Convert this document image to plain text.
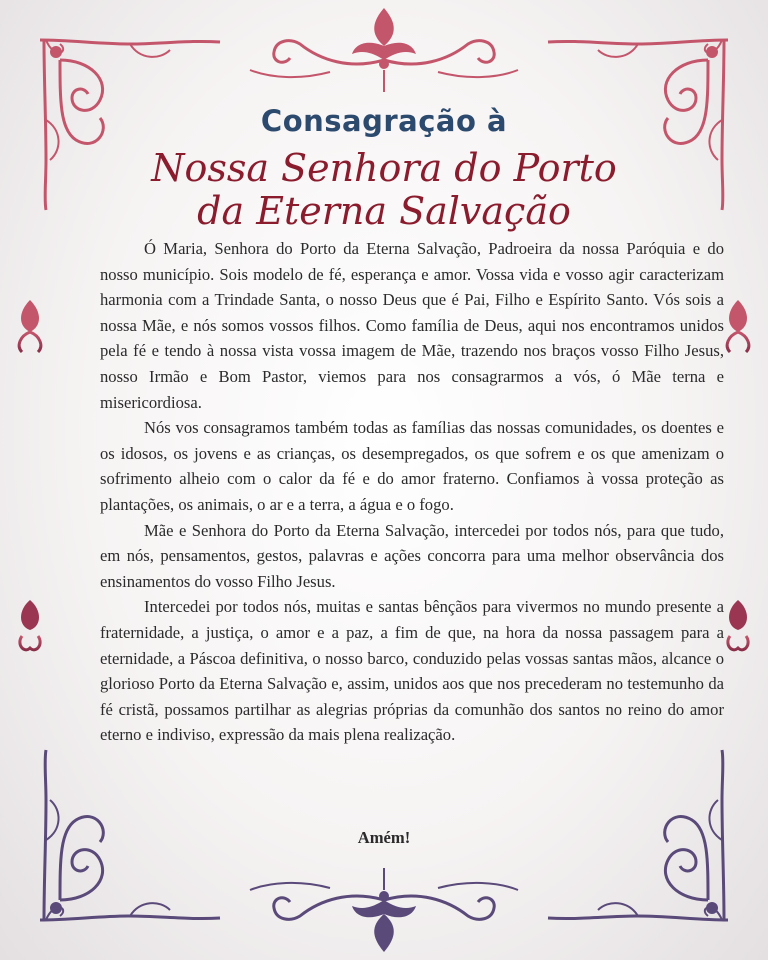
Consagração à
Nossa Senhora do Porto
da Eterna Salvação

Ó Maria, Senhora do Porto da Eterna Salvação, Padroeira da nossa Paróquia e do nosso município. Sois modelo de fé, esperança e amor. Vossa vida e vosso agir caracterizam harmonia com a Trindade Santa, o nosso Deus que é Pai, Filho e Espírito Santo. Vós sois a nossa Mãe, e nós somos vossos filhos. Como família de Deus, aqui nos encontramos unidos pela fé e tendo à nossa vista vossa imagem de Mãe, trazendo nos braços vosso Filho Jesus, nosso Irmão e Bom Pastor, viemos para nos consagrarmos a vós, ó Mãe terna e misericordiosa.

Nós vos consagramos também todas as famílias das nossas comunidades, os doentes e os idosos, os jovens e as crianças, os desempregados, os que sofrem e os que amenizam o sofrimento alheio com o calor da fé e do amor fraterno. Confiamos à vossa proteção as plantações, os animais, o ar e a terra, a água e o fogo.

Mãe e Senhora do Porto da Eterna Salvação, intercedei por todos nós, para que tudo, em nós, pensamentos, gestos, palavras e ações concorra para uma melhor observância dos ensinamentos do vosso Filho Jesus.

Intercedei por todos nós, muitas e santas bênçãos para vivermos no mundo presente a fraternidade, a justiça, o amor e a paz, a fim de que, na hora da nossa passagem para a eternidade, a Páscoa definitiva, o nosso barco, conduzido pelas vossas santas mãos, alcance o glorioso Porto da Eterna Salvação e, assim, unidos aos que nos precederam no testemunho da fé cristã, possamos partilhar as alegrias próprias da comunhão dos santos no reino do amor eterno e indiviso, expressão da mais plena realização.

Amém!
